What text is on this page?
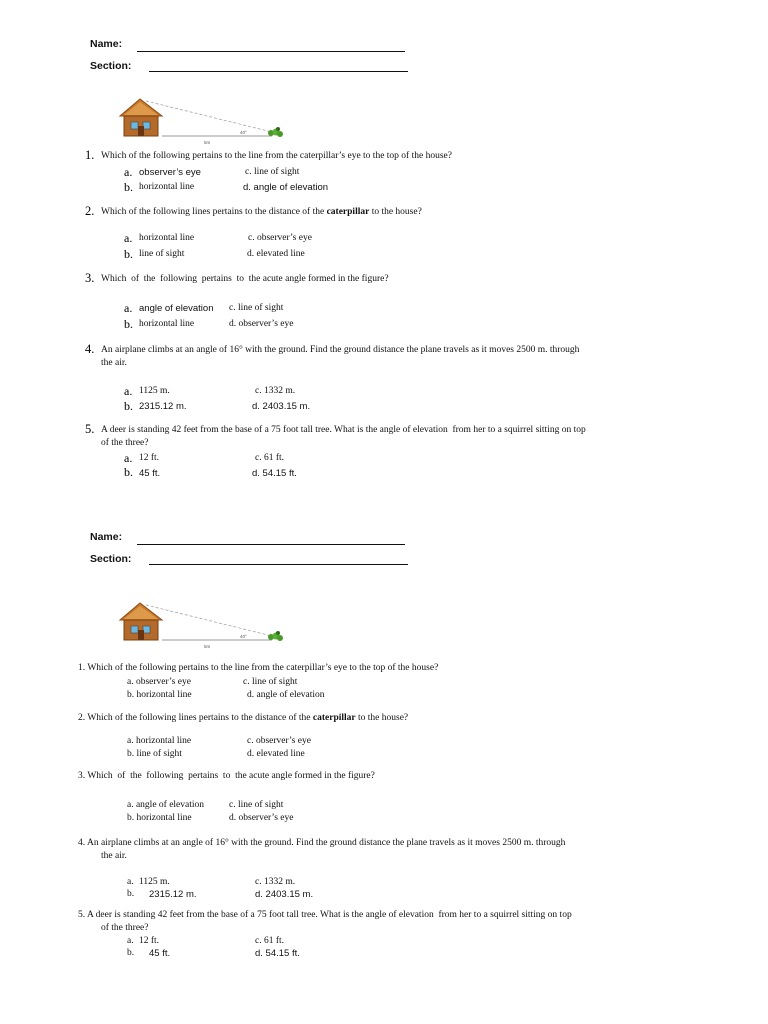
Name:
Section:
5m
40°
1. Which of the following pertains to the line from the caterpillar’s eye to the top of the house?
a. observer’s eye	c. line of sight
b. horizontal line	d. angle of elevation
2. Which of the following lines pertains to the distance of the caterpillar to the house?
a. horizontal line	c. observer’s eye
b. line of sight	d. elevated line
3. Which  of  the  following  pertains  to  the acute angle formed in the figure?
a. angle of elevation c. line of sight
b. horizontal line	d. observer’s eye
4. An airplane climbs at an angle of 16° with the ground. Find the ground distance the plane travels as it moves 2500 m. through
the air.
a. 1125 m.	c. 1332 m.
b. 2315.12 m.	d. 2403.15 m.
5. A deer is standing 42 feet from the base of a 75 foot tall tree. What is the angle of elevation  from her to a squirrel sitting on top
of the three?
a. 12 ft.	c. 61 ft.
b. 45 ft.	d. 54.15 ft.
Name:
Section:
5m
40°
1. Which of the following pertains to the line from the caterpillar’s eye to the top of the house?
a. observer’s eye	c. line of sight
b. horizontal line	d. angle of elevation
2. Which of the following lines pertains to the distance of the caterpillar to the house?
a. horizontal line	c. observer’s eye
b. line of sight	d. elevated line
3. Which  of  the  following  pertains  to  the acute angle formed in the figure?
a. angle of elevation	c. line of sight
b. horizontal line	d. observer’s eye
4. An airplane climbs at an angle of 16° with the ground. Find the ground distance the plane travels as it moves 2500 m. through
the air.
a. 1125 m.	c. 1332 m.
b. 2315.12 m.	d. 2403.15 m.
5. A deer is standing 42 feet from the base of a 75 foot tall tree. What is the angle of elevation  from her to a squirrel sitting on top
of the three?
a. 12 ft.	c. 61 ft.
b. 45 ft.	d. 54.15 ft.
